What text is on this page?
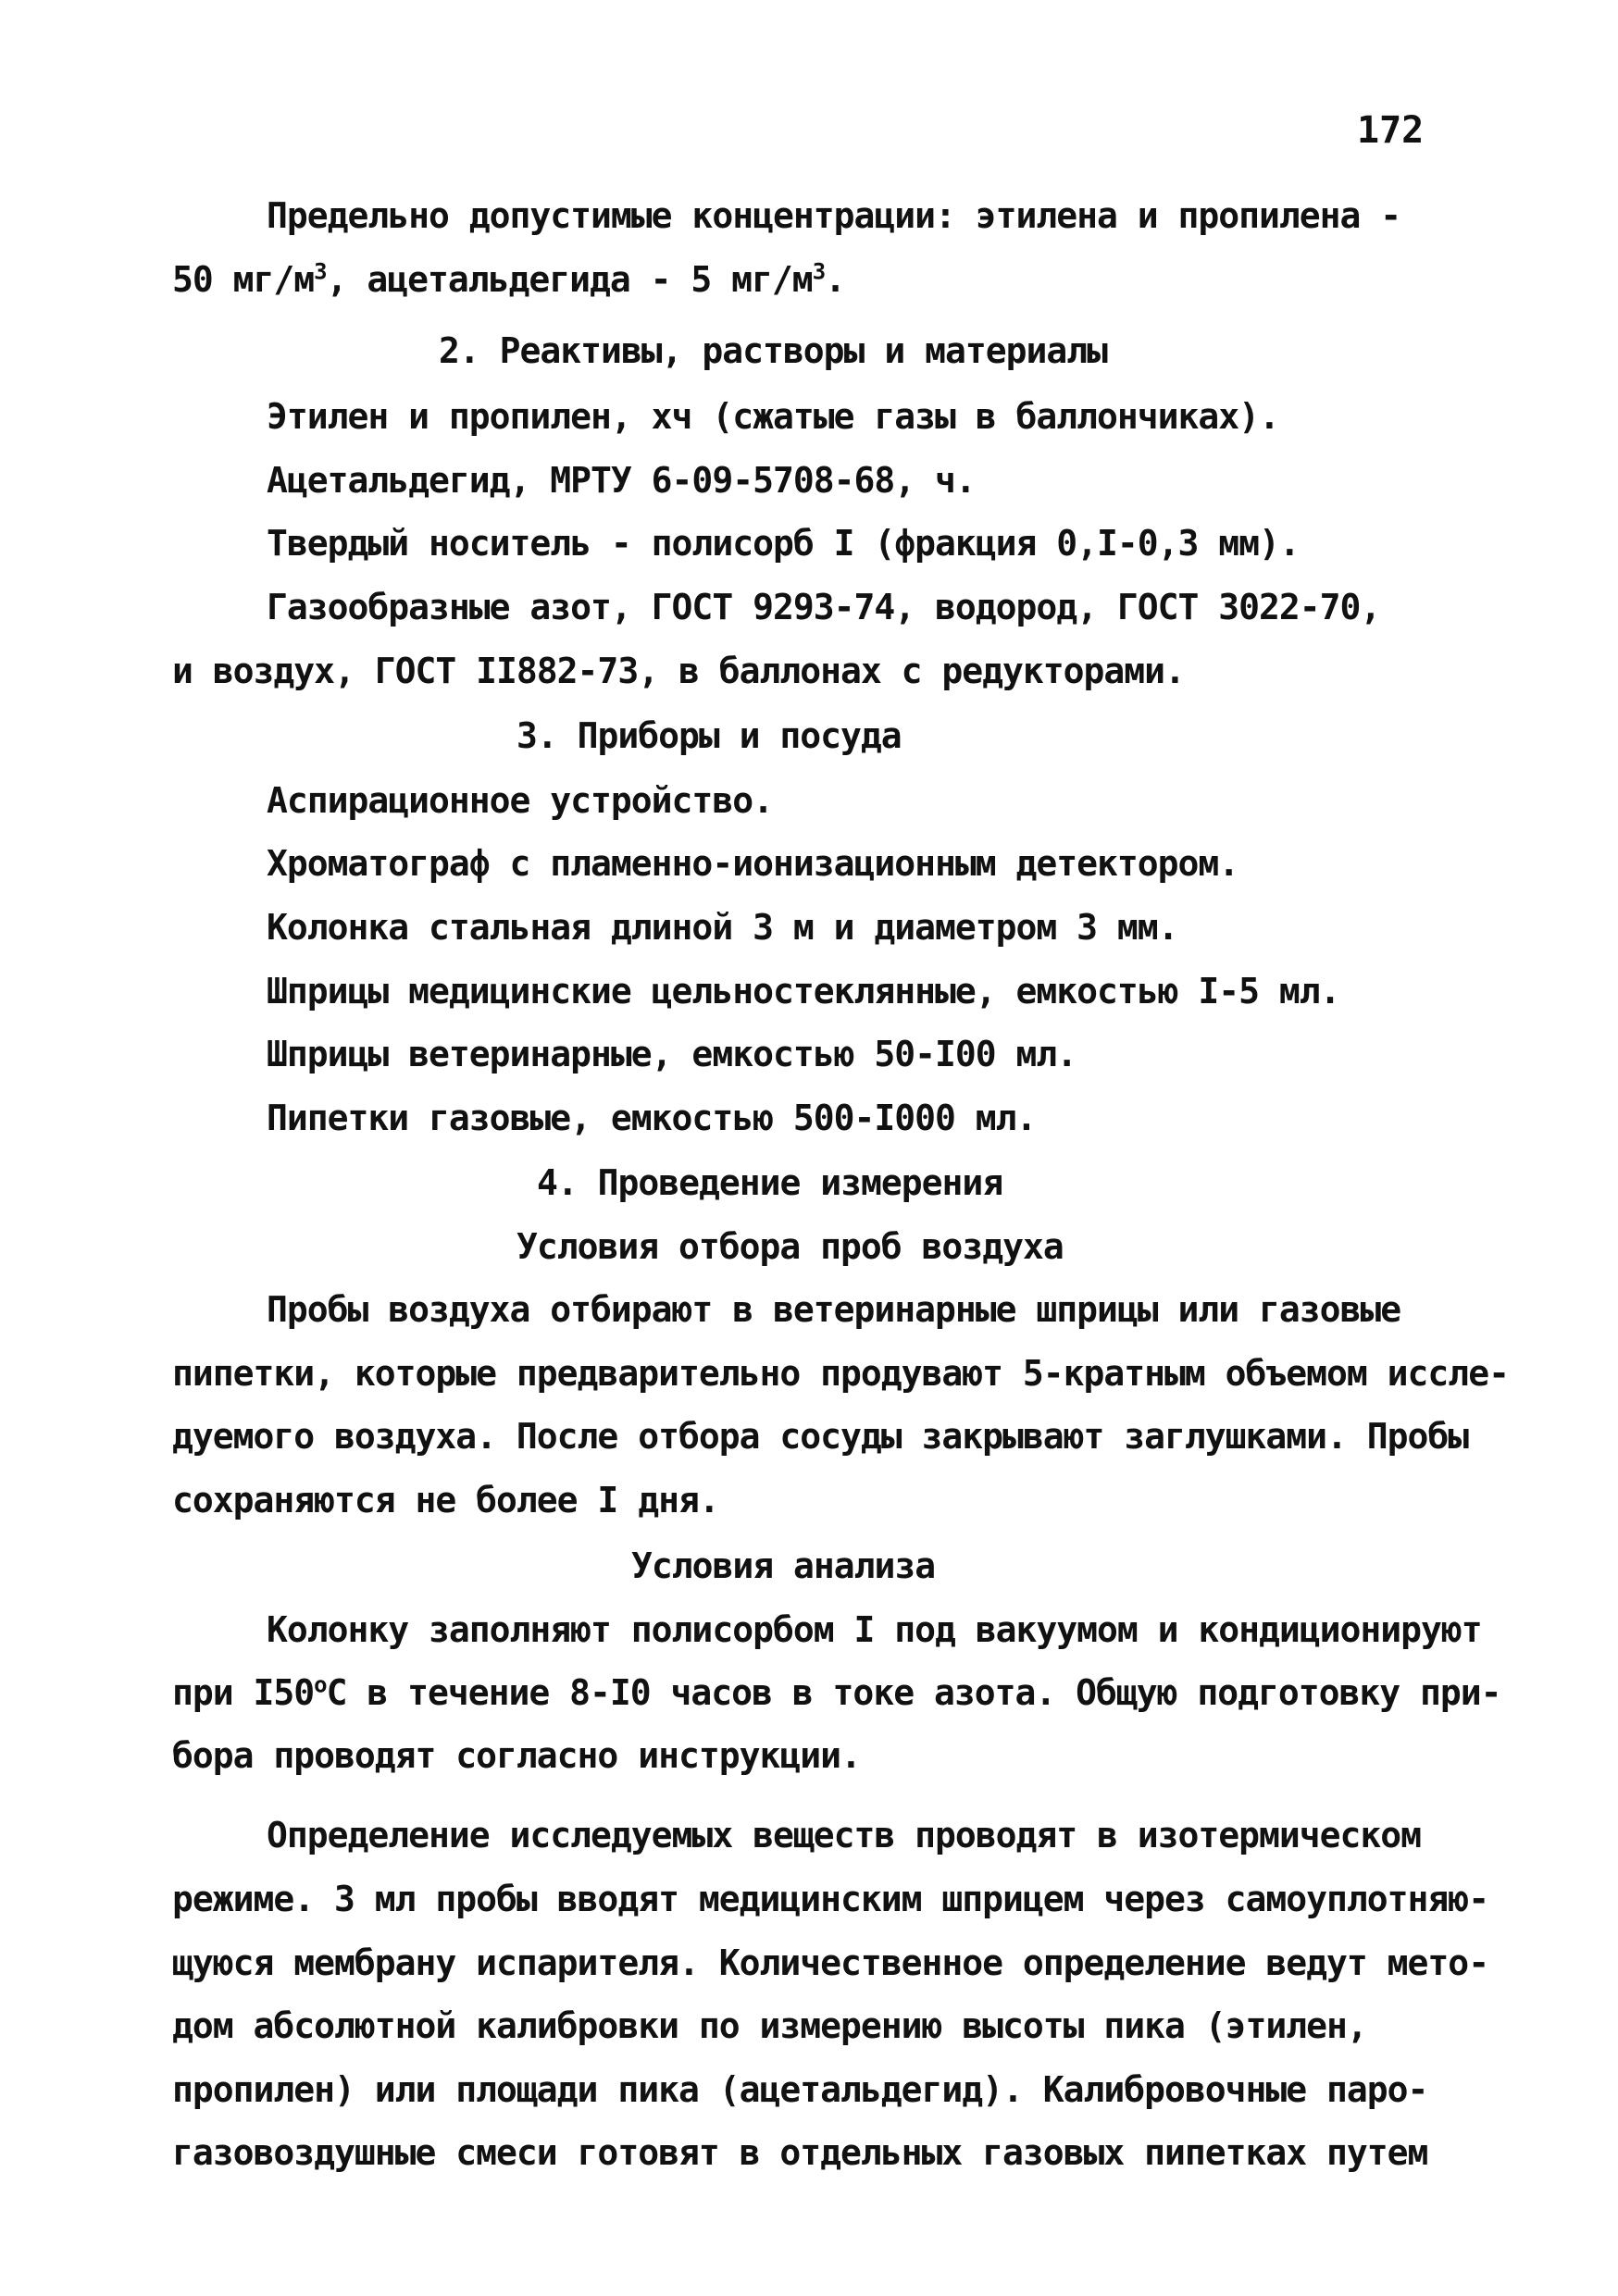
172

Предельно допустимые концентрации: этилена и пропилена -

50 $мг/м^3$, ацетальдегида - 5 $мг/м^3$.

2. Реактивы, растворы и материалы

Этилен и пропилен, хч (сжатые газы в баллончиках).

Ацетальдегид, МРТУ 6-09-5708-68, ч.

Твердый носитель - полисорб I (фракция 0,I-0,3 мм).

Газообразные азот, ГОСТ 9293-74, водород, ГОСТ 3022-70,

и воздух, ГОСТ II882-73, в баллонах с редукторами.

3. Приборы и посуда

Аспирационное устройство.

Хроматограф с пламенно-ионизационным детектором.

Колонка стальная длиной 3 м и диаметром 3 мм.

Шприцы медицинские цельностеклянные, емкостью I-5 мл.

Шприцы ветеринарные, емкостью 50-I00 мл.

Пипетки газовые, емкостью 500-I000 мл.

4. Проведение измерения

Условия отбора проб воздуха

Пробы воздуха отбирают в ветеринарные шприцы или газовые

пипетки, которые предварительно продувают 5-кратным объемом иссле-

дуемого воздуха. После отбора сосуды закрывают заглушками. Пробы

сохраняются не более I дня.

Условия анализа

Колонку заполняют полисорбом I под вакуумом и кондиционируют

при $I50^оС$ в течение 8-I0 часов в токе азота. Общую подготовку при-

бора проводят согласно инструкции.

Определение исследуемых веществ проводят в изотермическом

режиме. 3 мл пробы вводят медицинским шприцем через самоуплотняю-

щуюся мембрану испарителя. Количественное определение ведут мето-

дом абсолютной калибровки по измерению высоты пика (этилен,

пропилен) или площади пика (ацетальдегид). Калибровочные паро-

газовоздушные смеси готовят в отдельных газовых пипетках путем
